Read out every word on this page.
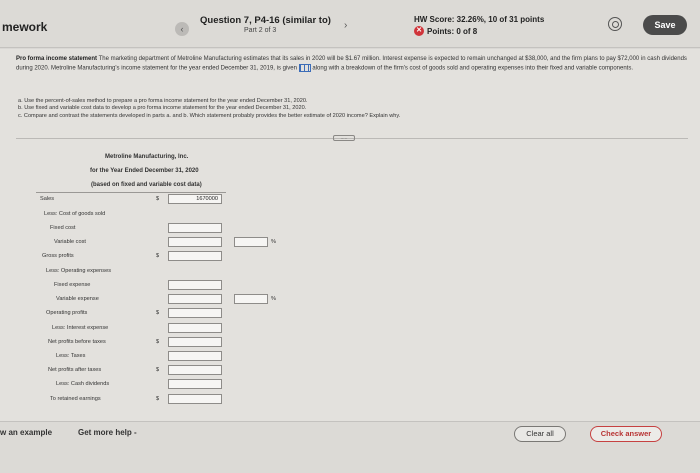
mework	‹
Question 7, P4-16 (similar to)
Part 2 of 3	›
HW Score: 32.26%, 10 of 31 points
✕ Points: 0 of 8
Save
Pro forma income statement The marketing department of Metroline Manufacturing estimates that its sales in 2020 will be $1.67 million. Interest expense is expected to remain unchanged at $38,000, and the firm plans to pay $72,000 in cash dividends during 2020. Metroline Manufacturing's income statement for the year ended December 31, 2019, is given	along with a breakdown of the firm's cost of goods sold and operating expenses into their fixed and variable components.
a. Use the percent-of-sales method to prepare a pro forma income statement for the year ended December 31, 2020.
b. Use fixed and variable cost data to develop a pro forma income statement for the year ended December 31, 2020.
c. Compare and contrast the statements developed in parts a. and b. Which statement probably provides the better estimate of 2020 income? Explain why.
.....
Metroline Manufacturing, Inc.
for the Year Ended December 31, 2020
(based on fixed and variable cost data)
Sales	$	1670000
Less: Cost of goods sold
Fixed cost
Variable cost	%
Gross profits	$
Less: Operating expenses
Fixed expense
Variable expense	%
Operating profits	$
Less: Interest expense
Net profits before taxes	$
Less: Taxes
Net profits after taxes	$
Less: Cash dividends
To retained earnings	$
w an example	Get more help -	Clear all	Check answer
